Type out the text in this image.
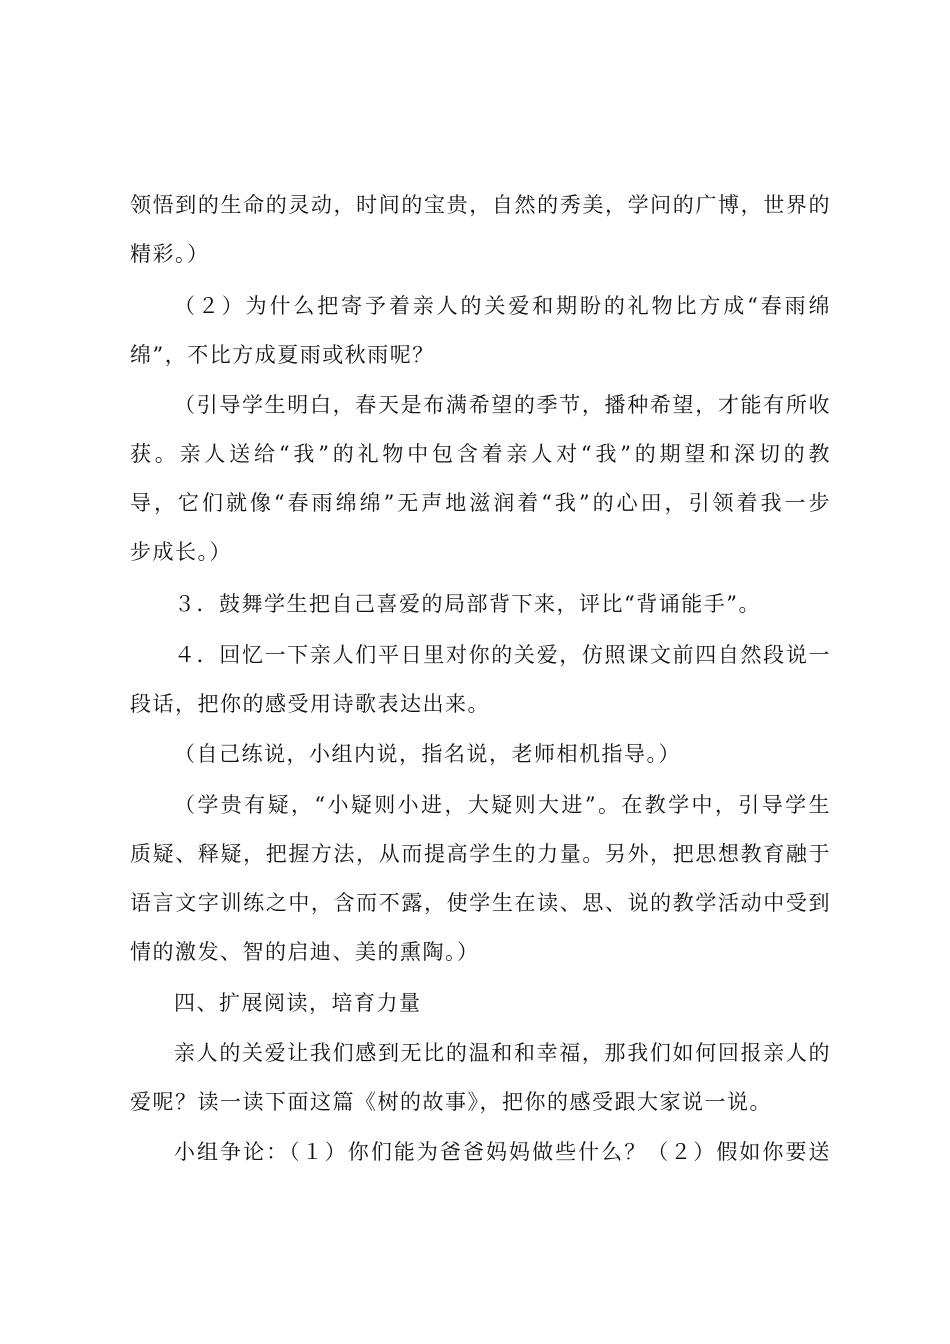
领悟到的生命的灵动，时间的宝贵，自然的秀美，学问的广博，世界的
精彩。）
（２）为什么把寄予着亲人的关爱和期盼的礼物比方成“春雨绵
绵”，不比方成夏雨或秋雨呢？
（引导学生明白，春天是布满希望的季节，播种希望，才能有所收
获。亲人送给“我”的礼物中包含着亲人对“我”的期望和深切的教
导，它们就像“春雨绵绵”无声地滋润着“我”的心田，引领着我一步
步成长。）
３．鼓舞学生把自己喜爱的局部背下来，评比“背诵能手”。
４．回忆一下亲人们平日里对你的关爱，仿照课文前四自然段说一
段话，把你的感受用诗歌表达出来。
（自己练说，小组内说，指名说，老师相机指导。）
（学贵有疑，“小疑则小进，大疑则大进”。在教学中，引导学生
质疑、释疑，把握方法，从而提高学生的力量。另外，把思想教育融于
语言文字训练之中，含而不露，使学生在读、思、说的教学活动中受到
情的激发、智的启迪、美的熏陶。）
四、扩展阅读，培育力量
亲人的关爱让我们感到无比的温和和幸福，那我们如何回报亲人的
爱呢？读一读下面这篇《树的故事》，把你的感受跟大家说一说。
小组争论：（１）你们能为爸爸妈妈做些什么？（２）假如你要送
